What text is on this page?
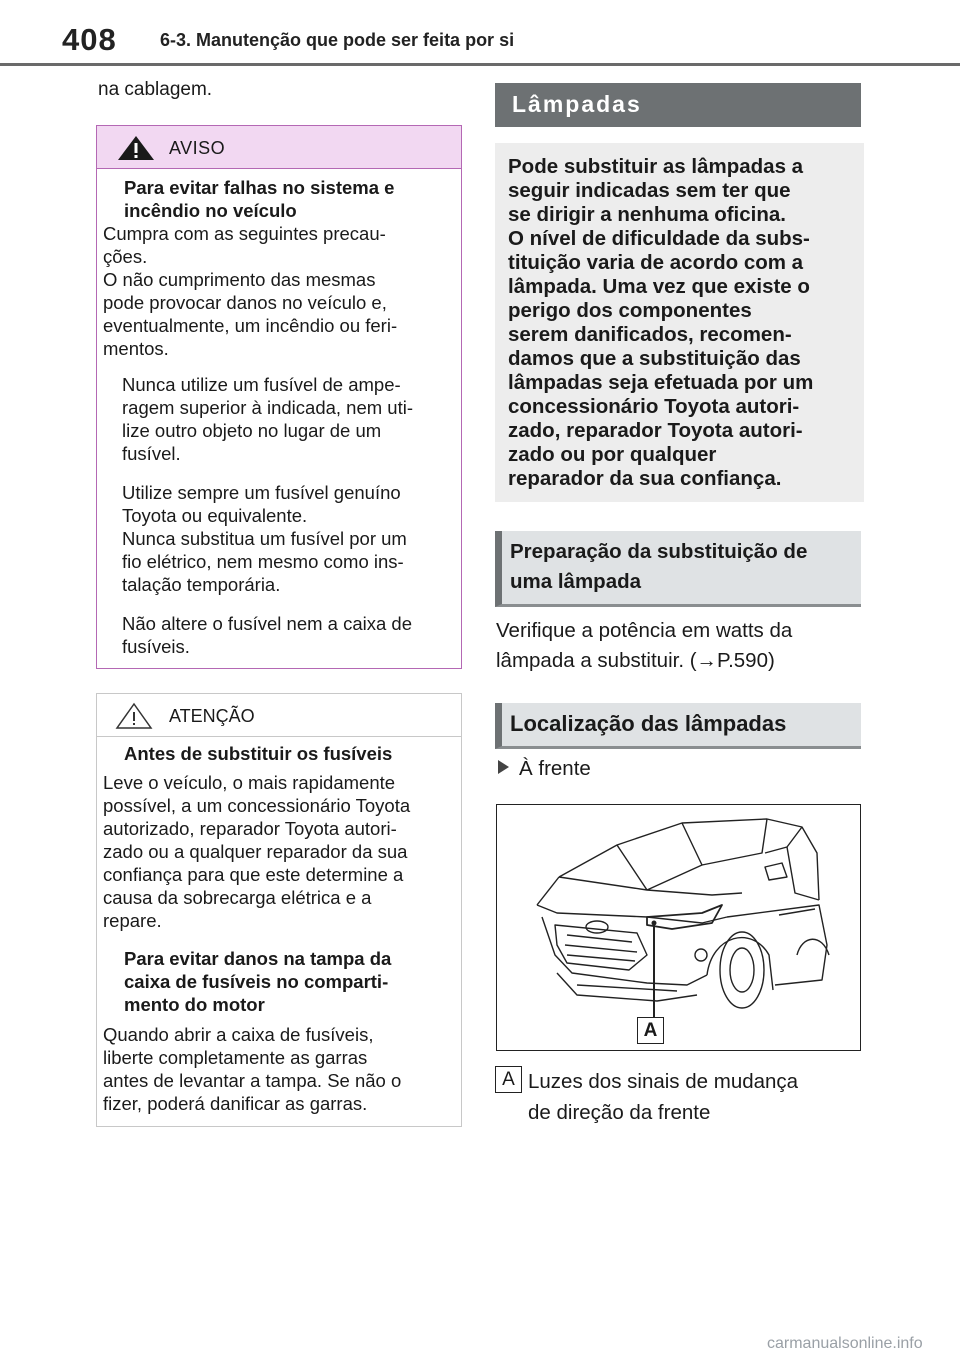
408 6-3. Manutenção que pode ser feita por si
na cablagem.
AVISO
Para evitar falhas no sistema e incêndio no veículo
Cumpra com as seguintes precau-
ções.
O não cumprimento das mesmas
pode provocar danos no veículo e,
eventualmente, um incêndio ou feri-
mentos.
Nunca utilize um fusível de ampe-
ragem superior à indicada, nem uti-
lize outro objeto no lugar de um
fusível.
Utilize sempre um fusível genuíno
Toyota ou equivalente.
Nunca substitua um fusível por um
fio elétrico, nem mesmo como ins-
talação temporária.
Não altere o fusível nem a caixa de
fusíveis.
ATENÇÃO
Antes de substituir os fusíveis
Leve o veículo, o mais rapidamente
possível, a um concessionário Toyota
autorizado, reparador Toyota autori-
zado ou a qualquer reparador da sua
confiança para que este determine a
causa da sobrecarga elétrica e a
repare.
Para evitar danos na tampa da
caixa de fusíveis no comparti-
mento do motor
Quando abrir a caixa de fusíveis,
liberte completamente as garras
antes de levantar a tampa. Se não o
fizer, poderá danificar as garras.
Lâmpadas
Pode substituir as lâmpadas a
seguir indicadas sem ter que
se dirigir a nenhuma oficina.
O nível de dificuldade da subs-
tituição varia de acordo com a
lâmpada. Uma vez que existe o
perigo dos componentes
serem danificados, recomen-
damos que a substituição das
lâmpadas seja efetuada por um
concessionário Toyota autori-
zado, reparador Toyota autori-
zado ou por qualquer
reparador da sua confiança.
Preparação da substituição de
uma lâmpada
Verifique a potência em watts da
lâmpada a substituir. (→P.590)
Localização das lâmpadas
À frente
A
A Luzes dos sinais de mudança
de direção da frente
carmanualsonline.info
